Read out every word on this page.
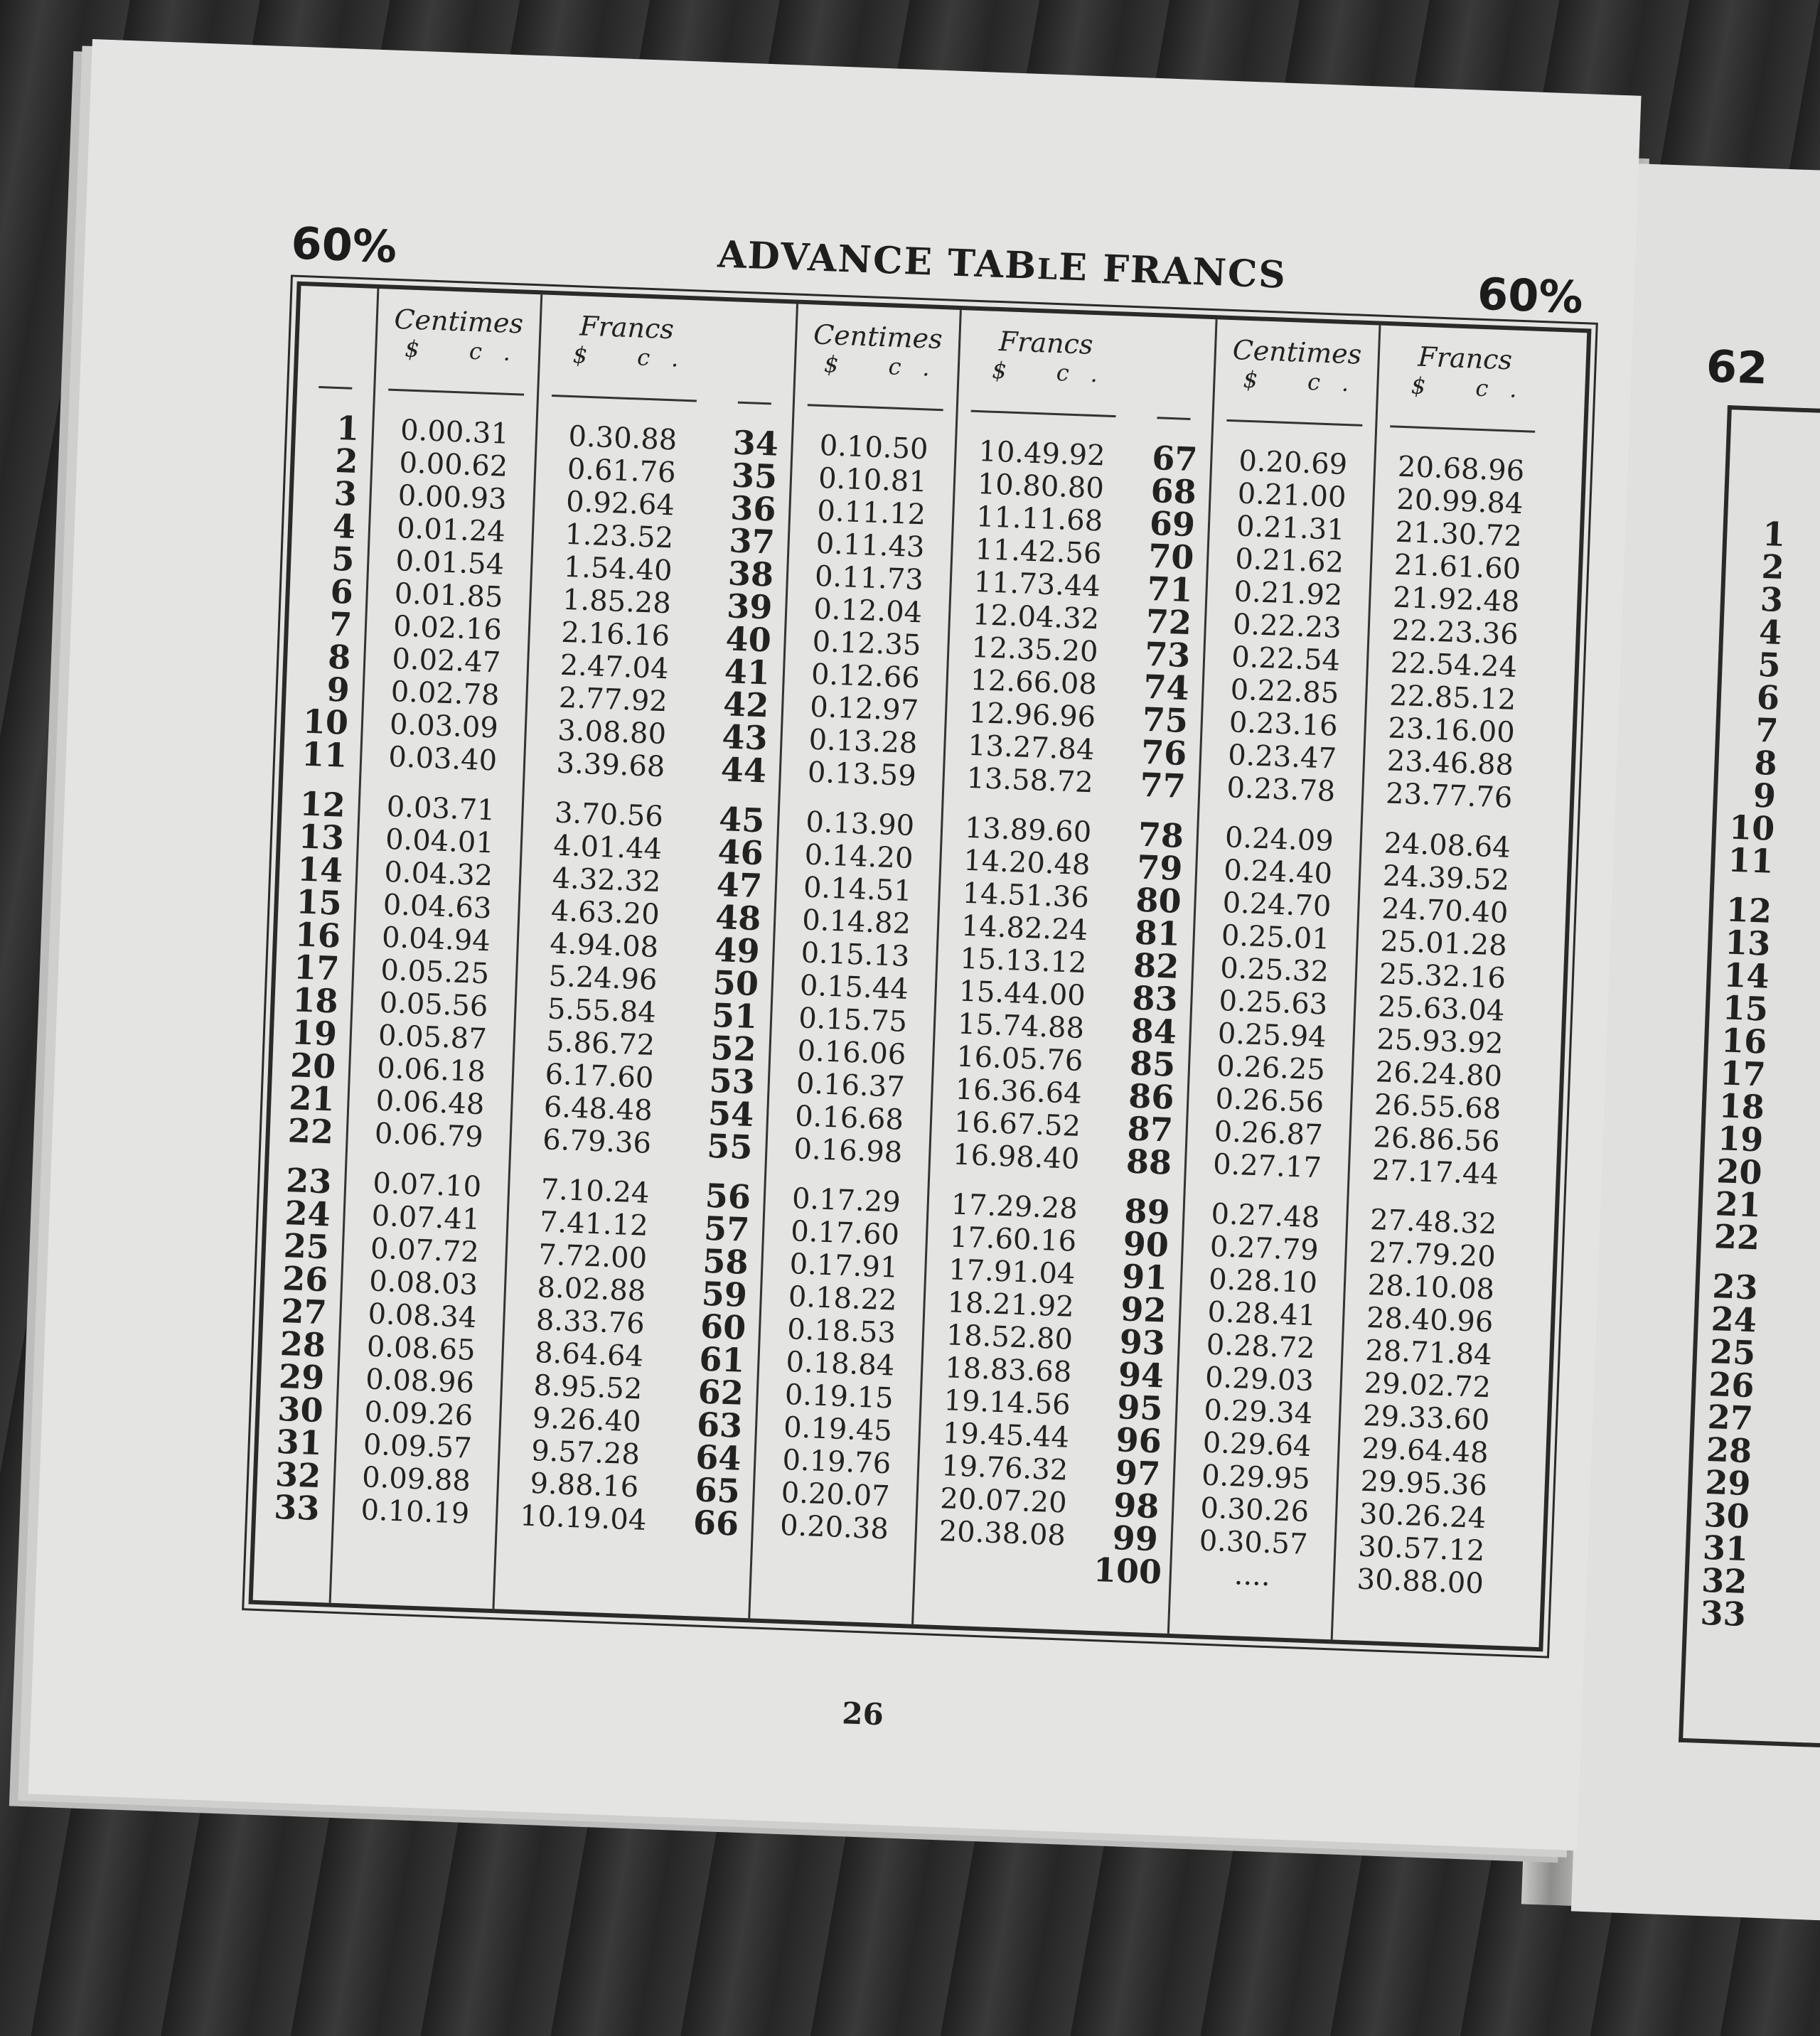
62
1
2
3
4
5
6
7
8
9
10
11
12
13
14
15
16
17
18
19
20
21
22
23
24
25
26
27
28
29
30
31
32
33
60%	ADVANCE TABLE FRANCS	60%
1
2
3
4
5
6
7
8
9
10
11
12
13
14
15
16
17
18
19
20
21
22
23
24
25
26
27
28
29
30
31
32
33
Centimes
$ c.
0.00.31
0.00.62
0.00.93
0.01.24
0.01.54
0.01.85
0.02.16
0.02.47
0.02.78
0.03.09
0.03.40
0.03.71
0.04.01
0.04.32
0.04.63
0.04.94
0.05.25
0.05.56
0.05.87
0.06.18
0.06.48
0.06.79
0.07.10
0.07.41
0.07.72
0.08.03
0.08.34
0.08.65
0.08.96
0.09.26
0.09.57
0.09.88
0.10.19
Francs
$ c.
0.30.88
0.61.76
0.92.64
1.23.52
1.54.40
1.85.28
2.16.16
2.47.04
2.77.92
3.08.80
3.39.68
3.70.56
4.01.44
4.32.32
4.63.20
4.94.08
5.24.96
5.55.84
5.86.72
6.17.60
6.48.48
6.79.36
7.10.24
7.41.12
7.72.00
8.02.88
8.33.76
8.64.64
8.95.52
9.26.40
9.57.28
9.88.16
10.19.04
34
35
36
37
38
39
40
41
42
43
44
45
46
47
48
49
50
51
52
53
54
55
56
57
58
59
60
61
62
63
64
65
66
Centimes
$ c.
0.10.50
0.10.81
0.11.12
0.11.43
0.11.73
0.12.04
0.12.35
0.12.66
0.12.97
0.13.28
0.13.59
0.13.90
0.14.20
0.14.51
0.14.82
0.15.13
0.15.44
0.15.75
0.16.06
0.16.37
0.16.68
0.16.98
0.17.29
0.17.60
0.17.91
0.18.22
0.18.53
0.18.84
0.19.15
0.19.45
0.19.76
0.20.07
0.20.38
Francs
$ c.
10.49.92
10.80.80
11.11.68
11.42.56
11.73.44
12.04.32
12.35.20
12.66.08
12.96.96
13.27.84
13.58.72
13.89.60
14.20.48
14.51.36
14.82.24
15.13.12
15.44.00
15.74.88
16.05.76
16.36.64
16.67.52
16.98.40
17.29.28
17.60.16
17.91.04
18.21.92
18.52.80
18.83.68
19.14.56
19.45.44
19.76.32
20.07.20
20.38.08
67
68
69
70
71
72
73
74
75
76
77
78
79
80
81
82
83
84
85
86
87
88
89
90
91
92
93
94
95
96
97
98
99
100
Centimes
$ c.
0.20.69
0.21.00
0.21.31
0.21.62
0.21.92
0.22.23
0.22.54
0.22.85
0.23.16
0.23.47
0.23.78
0.24.09
0.24.40
0.24.70
0.25.01
0.25.32
0.25.63
0.25.94
0.26.25
0.26.56
0.26.87
0.27.17
0.27.48
0.27.79
0.28.10
0.28.41
0.28.72
0.29.03
0.29.34
0.29.64
0.29.95
0.30.26
0.30.57
....
Francs
$ c.
20.68.96
20.99.84
21.30.72
21.61.60
21.92.48
22.23.36
22.54.24
22.85.12
23.16.00
23.46.88
23.77.76
24.08.64
24.39.52
24.70.40
25.01.28
25.32.16
25.63.04
25.93.92
26.24.80
26.55.68
26.86.56
27.17.44
27.48.32
27.79.20
28.10.08
28.40.96
28.71.84
29.02.72
29.33.60
29.64.48
29.95.36
30.26.24
30.57.12
30.88.00
26
